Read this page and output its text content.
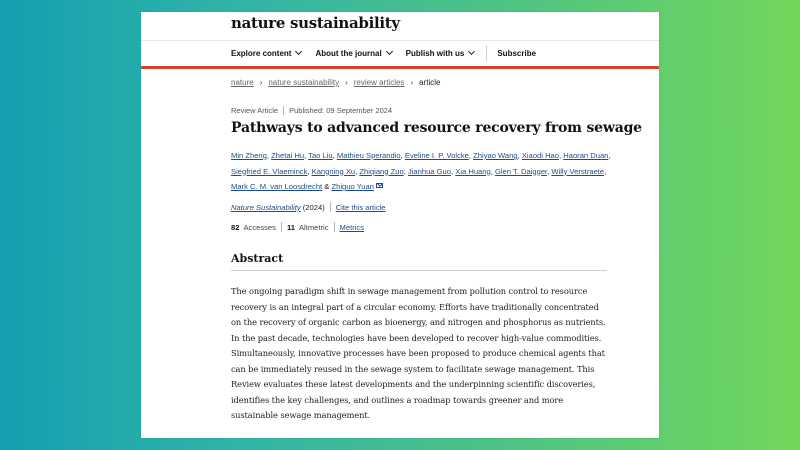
nature sustainability
Explore content	About the journal	Publish with us	Subscribe
nature › nature sustainability › review articles › article
Review Article Published: 09 September 2024
Pathways to advanced resource recovery from sewage
Min Zheng, Zhetai Hu, Tao Liu, Mathieu Sperandio, Eveline I. P. Volcke, Zhiyao Wang, Xiaodi Hao, Haoran Duan, Siegfried E. Vlaeminck, Kangning Xu, Zhiqiang Zuo, Jianhua Guo, Xia Huang, Glen T. Daigger, Willy Verstraete, Mark C. M. van Loosdrecht & Zhiguo Yuan
Nature Sustainability (2024) Cite this article
82 Accesses 11 Altmetric Metrics
Abstract

The ongoing paradigm shift in sewage management from pollution control to resource recovery is an integral part of a circular economy. Efforts have traditionally concentrated on the recovery of organic carbon as bioenergy, and nitrogen and phosphorus as nutrients. In the past decade, technologies have been developed to recover high-value commodities. Simultaneously, innovative processes have been proposed to produce chemical agents that can be immediately reused in the sewage system to facilitate sewage management. This Review evaluates these latest developments and the underpinning scientific discoveries, identifies the key challenges, and outlines a roadmap towards greener and more sustainable sewage management.
